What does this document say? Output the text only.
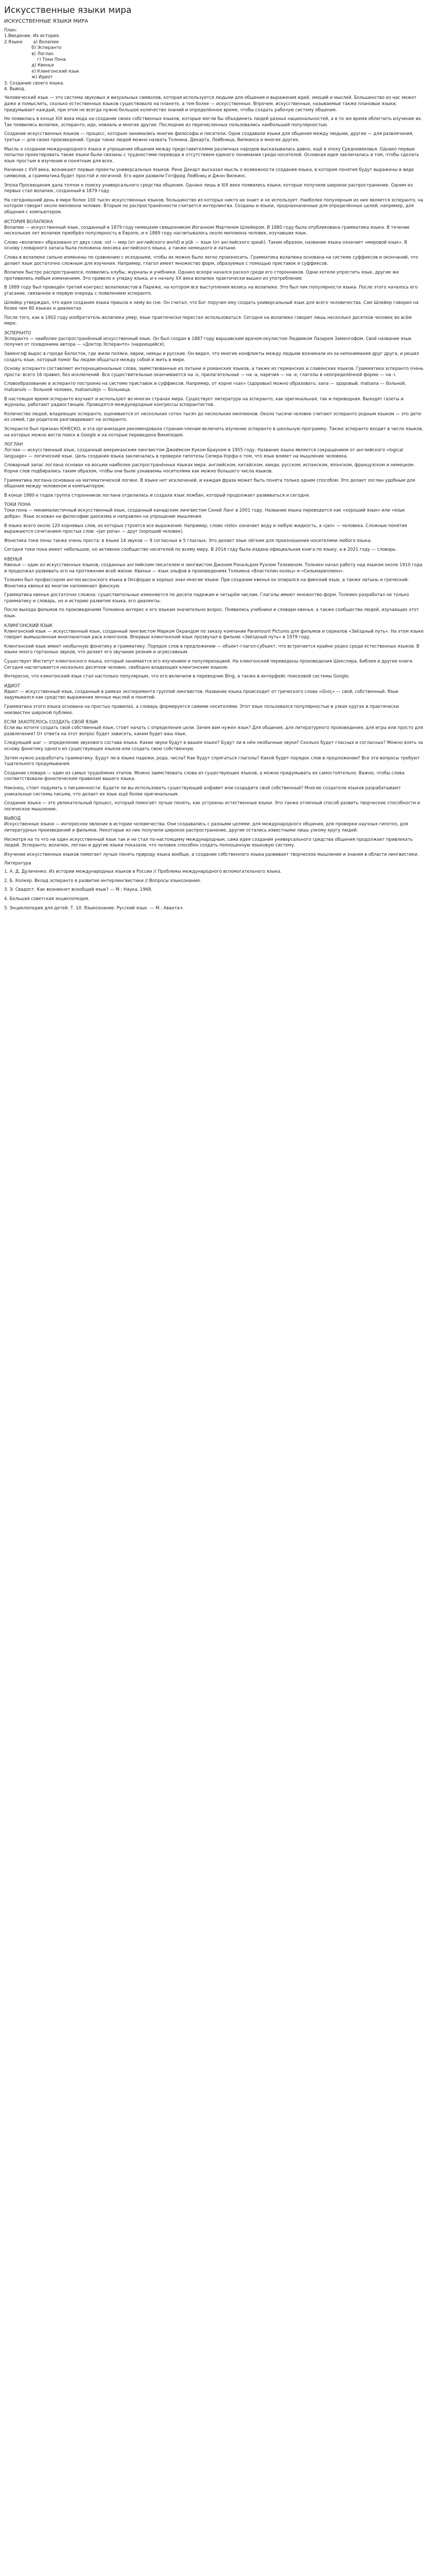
Искусственные языки мира
ИСКУССТВЕННЫЕ ЯЗЫКИ МИРА
План:
1.Введение. Их история.
2.Языки        а) Волапюк
б) Эсперанто
в) Логлан
г) Токи Пона
д) Квенья
е) Клингонский язык
ж) Идиот
3. Создание своего языка.
4. Вывод.

Человеческий язык — это система звуковых и визуальных символов, которая используется людьми для общения и выражения идей, эмоций и мыслей. Большинство из нас может даже и помыслить, сколько естественных языков существовало на планете, а тем более — искусственных. Впрочем, искусственные, называемые также плановые языки, придумывает каждый, при этом не всегда нужно большое количество знаний и определённое время, чтобы создать рабочую систему общения.

Но появилась в конце XIX века мода на создание своих собственных языков, которые могли бы объединить людей разных национальностей, а в то же время облегчить изучение их. Так появились волапюк, эсперанто, идо, новиаль и многие другие. Последние из перечисленных пользовались наибольшей популярностью.

Создание искусственных языков — процесс, которым занимались многие философы и писатели. Одни создавали языки для общения между людьми, другие — для развлечения, третьи — для своих произведений. Среди таких людей можно назвать Толкина, Декарта, Лейбница, Вилкинса и многих других.

Мысль о создании международного языка и упрощения общения между представителями различных народов высказывалась давно, ещё в эпоху Средневековья. Однако первые попытки проектировать такие языки были связаны с трудностями перевода и отсутствием единого понимания среди носителей. Основная идея заключалась в том, чтобы сделать язык простым в изучении и понятным для всех.

Начиная с XVII века, возникают первые проекты универсальных языков. Рене Декарт высказал мысль о возможности создания языка, в котором понятия будут выражены в виде символов, а грамматика будет простой и логичной. Его идеи развили Готфрид Лейбниц и Джон Вилкинс.

Эпоха Просвещения дала толчок к поиску универсального средства общения. Однако лишь в XIX веке появились языки, которые получили широкое распространение. Одним из первых стал волапюк, созданный в 1879 году.

На сегодняшний день в мире более 100 тысяч искусственных языков, большинство из которых никто не знает и не использует. Наиболее популярным из них является эсперанто, на котором говорит около миллиона человек. Вторым по распространённости считается интерлингва. Созданы и языки, предназначенные для определённых целей, например, для общения с компьютером.

ИСТОРИЯ ВОЛАПЮКА

Волапюк — искусственный язык, созданный в 1879 году немецким священником Иоганном Мартином Шлейером. В 1880 году была опубликована грамматика языка. В течение нескольких лет волапюк приобрёл популярность в Европе, и к 1889 году насчитывалось около миллиона человек, изучавших язык.

Слово «волапюк» образовано от двух слов: vol — мир (от английского world) и pük — язык (от английского speak). Таким образом, название языка означает «мировой язык». В основу словарного запаса была положена лексика английского языка, а также немецкого и латыни.

Слова в волапюке сильно изменены по сравнению с исходными, чтобы их можно было легко произносить. Грамматика волапюка основана на системе суффиксов и окончаний, что делает язык достаточно сложным для изучения. Например, глагол имеет множество форм, образуемых с помощью приставок и суффиксов.

Волапюк быстро распространился, появились клубы, журналы и учебники. Однако вскоре начался раскол среди его сторонников. Одни хотели упростить язык, другие же противились любым изменениям. Это привело к упадку языка, и к началу XX века волапюк практически вышел из употребления.

В 1889 году был проведён третий конгресс волапюкистов в Париже, на котором все выступления велись на волапюке. Это был пик популярности языка. После этого началось его угасание, связанное в первую очередь с появлением эсперанто.

Шлейер утверждал, что идея создания языка пришла к нему во сне. Он считал, что Бог поручил ему создать универсальный язык для всего человечества. Сам Шлейер говорил на более чем 80 языках и диалектах.

После того, как в 1902 году изобретатель волапюка умер, язык практически перестал использоваться. Сегодня на волапюке говорит лишь несколько десятков человек во всём мире.

ЭСПЕРАНТО

Эсперанто — наиболее распространённый искусственный язык. Он был создан в 1887 году варшавским врачом-окулистом Людвиком Лазарем Заменгофом. Своё название язык получил от псевдонима автора — «Доктор Эсперанто» (надеющийся).

Заменгоф вырос в городе Белосток, где жили поляки, евреи, немцы и русские. Он видел, что многие конфликты между людьми возникали из-за непонимания друг друга, и решил создать язык, который помог бы людям общаться между собой и жить в мире.

Основу эсперанто составляют интернациональные слова, заимствованные из латыни и романских языков, а также из германских и славянских языков. Грамматика эсперанто очень проста: всего 16 правил, без исключений. Все существительные оканчиваются на -о, прилагательные — на -а, наречия — на -е, глаголы в неопределённой форме — на -i.

Словообразование в эсперанто построено на системе приставок и суффиксов. Например, от корня «san» (здоровье) можно образовать: sana — здоровый, malsana — больной, malsanulo — больной человек, malsanulejo — больница.

В настоящее время эсперанто изучают и используют во многих странах мира. Существует литература на эсперанто, как оригинальная, так и переводная. Выходят газеты и журналы, работают радиостанции. Проводятся международные конгрессы эсперантистов.

Количество людей, владеющих эсперанто, оценивается от нескольких сотен тысяч до нескольких миллионов. Около тысячи человек считают эсперанто родным языком — это дети из семей, где родители разговаривают на эсперанто.

Эсперанто был признан ЮНЕСКО, и эта организация рекомендовала странам-членам включить изучение эсперанто в школьную программу. Также эсперанто входит в число языков, на которых можно вести поиск в Google и на которые переведена Википедия.

ЛОГЛАН

Логлан — искусственный язык, созданный американским лингвистом Джеймсом Куком Брауном в 1955 году. Название языка является сокращением от английского «logical language» — логический язык. Цель создания языка заключалась в проверке гипотезы Сепира-Уорфа о том, что язык влияет на мышление человека.

Словарный запас логлана основан на восьми наиболее распространённых языках мира: английском, китайском, хинди, русском, испанском, японском, французском и немецком. Корни слов подбирались таким образом, чтобы они были узнаваемы носителями как можно большего числа языков.

Грамматика логлана основана на математической логике. В языке нет исключений, и каждая фраза может быть понята только одним способом. Это делает логлан удобным для общения между человеком и компьютером.

В конце 1980-х годов группа сторонников логлана отделилась и создала язык ложбан, который продолжает развиваться и сегодня.

ТОКИ ПОНА

Токи пона — минималистичный искусственный язык, созданный канадским лингвистом Соней Ланг в 2001 году. Название языка переводится как «хороший язык» или «язык добра». Язык основан на философии даосизма и направлен на упрощение мышления.

В языке всего около 120 корневых слов, из которых строятся все выражения. Например, слово «telo» означает воду и любую жидкость, а «jan» — человека. Сложные понятия выражаются сочетанием простых слов: «jan pona» — друг (хороший человек).

Фонетика токи поны также очень проста: в языке 14 звуков — 9 согласных и 5 гласных. Это делает язык лёгким для произношения носителями любого языка.

Сегодня токи пона имеет небольшое, но активное сообщество носителей по всему миру. В 2014 году была издана официальная книга по языку, а в 2021 году — словарь.

КВЕНЬЯ

Квенья — один из искусственных языков, созданных английским писателем и лингвистом Джоном Рональдом Руэлом Толкиеном. Толкиен начал работу над языком около 1910 года и продолжал развивать его на протяжении всей жизни. Квенья — язык эльфов в произведениях Толкиена «Властелин колец» и «Сильмариллион».

Толкиен был профессором англосаксонского языка в Оксфорде и хорошо знал многие языки. При создании квенья он опирался на финский язык, а также латынь и греческий. Фонетика квенья во многом напоминает финскую.

Грамматика квенья достаточно сложна: существительные изменяются по десяти падежам и четырём числам. Глаголы имеют множество форм. Толкиен разработал не только грамматику и словарь, но и историю развития языка, его диалекты.

После выхода фильмов по произведениям Толкиена интерес к его языкам значительно возрос. Появились учебники и словари квенья, а также сообщества людей, изучающих этот язык.

КЛИНГОНСКИЙ ЯЗЫК

Клингонский язык — искусственный язык, созданный лингвистом Марком Окрандом по заказу компании Paramount Pictures для фильмов и сериалов «Звёздный путь». На этом языке говорит вымышленная инопланетная раса клингонов. Впервые клингонский язык прозвучал в фильме «Звёздный путь» в 1979 году.

Клингонский язык имеет необычную фонетику и грамматику. Порядок слов в предложении — объект-глагол-субъект, что встречается крайне редко среди естественных языков. В языке много гортанных звуков, что делает его звучание резким и агрессивным.

Существует Институт клингонского языка, который занимается его изучением и популяризацией. На клингонский переведены произведения Шекспира, Библия и другие книги. Сегодня насчитывается несколько десятков человек, свободно владеющих клингонским языком.

Интересно, что клингонский язык стал настолько популярным, что его включили в переводчик Bing, а также в интерфейс поисковой системы Google.

ИДИОТ

Идиот — искусственный язык, созданный в рамках эксперимента группой лингвистов. Название языка происходит от греческого слова «ίδιος» — свой, собственный. Язык задумывался как средство выражения личных мыслей и понятий.

Грамматика этого языка основана на простых правилах, а словарь формируется самими носителями. Этот язык пользовался популярностью в узких кругах и практически неизвестен широкой публике.

ЕСЛИ ЗАХОТЕЛОСЬ СОЗДАТЬ СВОЙ ЯЗЫК

Если вы хотите создать свой собственный язык, стоит начать с определения цели. Зачем вам нужен язык? Для общения, для литературного произведения, для игры или просто для развлечения? От ответа на этот вопрос будет зависеть, каким будет ваш язык.

Следующий шаг — определение звукового состава языка. Какие звуки будут в вашем языке? Будут ли в нём необычные звуки? Сколько будет гласных и согласных? Можно взять за основу фонетику одного из существующих языков или создать свою собственную.

Затем нужно разработать грамматику. Будут ли в языке падежи, рода, числа? Как будут спрягаться глаголы? Какой будет порядок слов в предложении? Все эти вопросы требуют тщательного продумывания.

Создание словаря — один из самых трудоёмких этапов. Можно заимствовать слова из существующих языков, а можно придумывать их самостоятельно. Важно, чтобы слова соответствовали фонетическим правилам вашего языка.

Наконец, стоит подумать о письменности. Будете ли вы использовать существующий алфавит или создадите свой собственный? Многие создатели языков разрабатывают уникальные системы письма, что делает их язык ещё более оригинальным.

Создание языка — это увлекательный процесс, который помогает лучше понять, как устроены естественные языки. Это также отличный способ развить творческие способности и логическое мышление.

ВЫВОД

Искусственные языки — интересное явление в истории человечества. Они создавались с разными целями: для международного общения, для проверки научных гипотез, для литературных произведений и фильмов. Некоторые из них получили широкое распространение, другие остались известными лишь узкому кругу людей.

Несмотря на то что ни один искусственный язык так и не стал по-настоящему международным, сама идея создания универсального средства общения продолжает привлекать людей. Эсперанто, волапюк, логлан и другие языки показали, что человек способен создать полноценную языковую систему.

Изучение искусственных языков помогает лучше понять природу языка вообще, а создание собственного языка развивает творческое мышление и знания в области лингвистики.

Литература
1. А. Д. Дуличенко. Из истории международных языков в России // Проблемы международного вспомогательного языка.
2. Б. Колкер. Вклад эсперанто в развитие интерлингвистики // Вопросы языкознания.
3. Э. Свадост. Как возникнет всеобщий язык? — М.: Наука, 1968.
4. Большая советская энциклопедия.
5. Энциклопедия для детей. Т. 10. Языкознание. Русский язык. — М.: Аванта+.
